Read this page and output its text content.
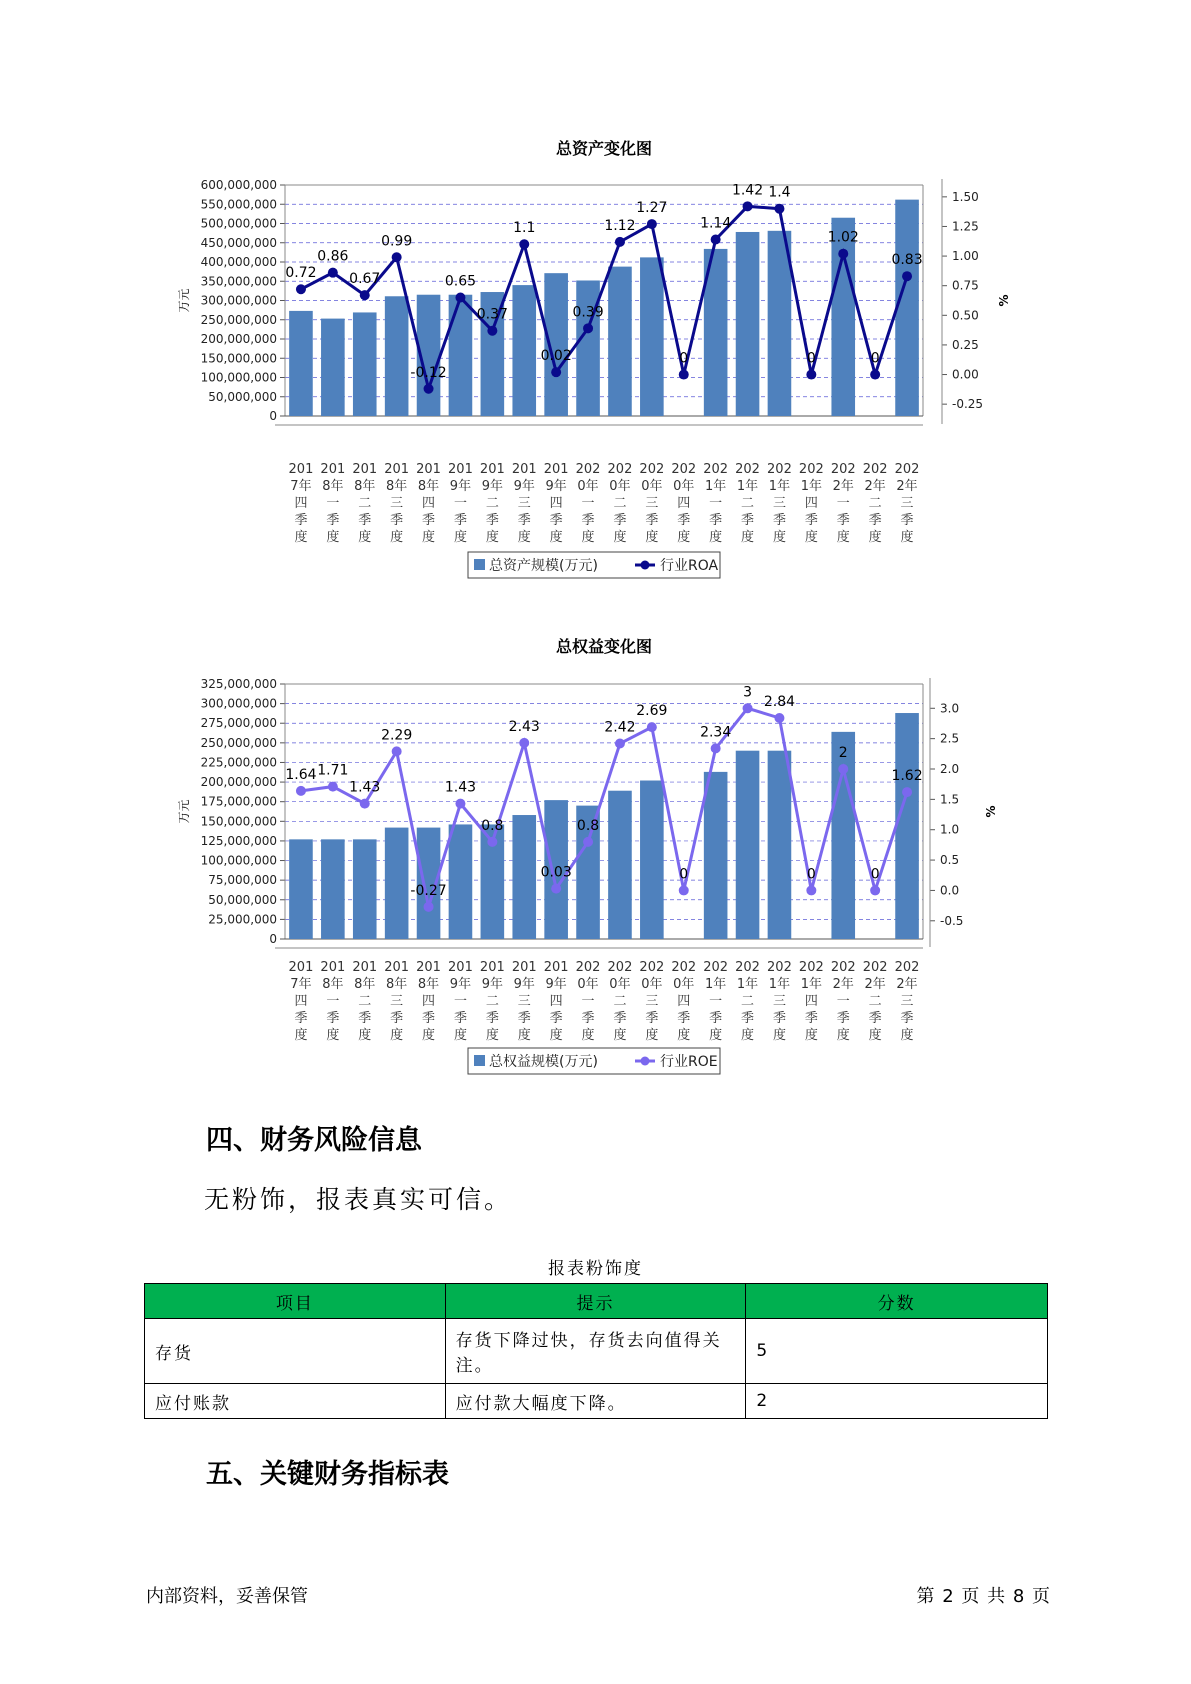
总资产变化图
0
50,000,000
100,000,000
150,000,000
200,000,000
250,000,000
300,000,000
350,000,000
400,000,000
450,000,000
500,000,000
550,000,000
600,000,000
-0.25
0.00
0.25
0.50
0.75
1.00
1.25
1.50
万元	%
0.72
0.86
0.67
0.99
-0.12
0.65
0.37
1.1
0.02
0.39
1.12
1.27
0
1.14
1.42 1.4
0
1.02
0
0.83
201
7年
四
季
度
201
8年
一
季
度
201
8年
二
季
度
201
8年
三
季
度
201
8年
四
季
度
201
9年
一
季
度
201
9年
二
季
度
201
9年
三
季
度
201
9年
四
季
度
202
0年
一
季
度
202
0年
二
季
度
202
0年
三
季
度
202
0年
四
季
度
202
1年
一
季
度
202
1年
二
季
度
202
1年
三
季
度
202
1年
四
季
度
202
2年
一
季
度
202
2年
二
季
度
202
2年
三
季
度
总资产规模(万元)	行业ROA
总权益变化图
0
25,000,000
50,000,000
75,000,000
100,000,000
125,000,000
150,000,000
175,000,000
200,000,000
225,000,000
250,000,000
275,000,000
300,000,000
325,000,000
-0.5
0.0
0.5
1.0
1.5
2.0
2.5
3.0
万元	%
1.64 1.71
1.43
2.29
-0.27
1.43
0.8
2.43
0.03
0.8
2.42
2.69
0
2.34
3
2.84
0
2
0
1.62
201
7年
四
季
度
201
8年
一
季
度
201
8年
二
季
度
201
8年
三
季
度
201
8年
四
季
度
201
9年
一
季
度
201
9年
二
季
度
201
9年
三
季
度
201
9年
四
季
度
202
0年
一
季
度
202
0年
二
季
度
202
0年
三
季
度
202
0年
四
季
度
202
1年
一
季
度
202
1年
二
季
度
202
1年
三
季
度
202
1年
四
季
度
202
2年
一
季
度
202
2年
二
季
度
202
2年
三
季
度
总权益规模(万元)	行业ROE
四、财务风险信息

无粉饰，报表真实可信。

报表粉饰度
项目	提示	分数
存货	存货下降过快，存货去向值得关注。	5
应付账款	应付款大幅度下降。	2
五、关键财务指标表
内部资料，妥善保管	第 2 页 共 8 页
